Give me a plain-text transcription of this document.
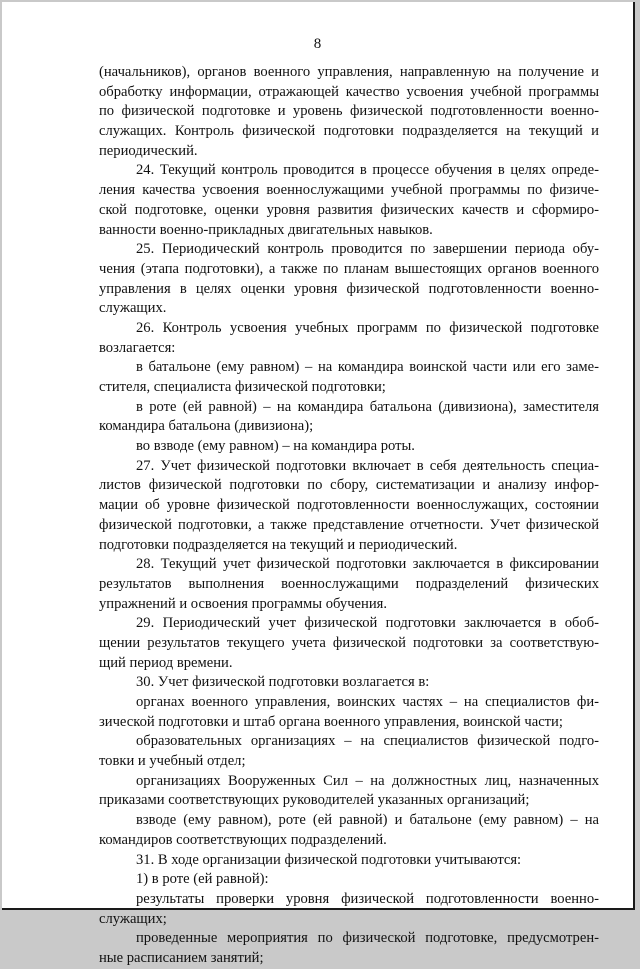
8
(начальников), органов военного управления, направленную на получение и
обработку информации, отражающей качество усвоения учебной программы
по физической подготовке и уровень физической подготовленности военно-
служащих. Контроль физической подготовки подразделяется на текущий и
периодический.
24. Текущий контроль проводится в процессе обучения в целях опреде-
ления качества усвоения военнослужащими учебной программы по физиче-
ской подготовке, оценки уровня развития физических качеств и сформиро-
ванности военно-прикладных двигательных навыков.
25. Периодический контроль проводится по завершении периода обу-
чения (этапа подготовки), а также по планам вышестоящих органов военного
управления в целях оценки уровня физической подготовленности военно-
служащих.
26. Контроль усвоения учебных программ по физической подготовке
возлагается:
в батальоне (ему равном) – на командира воинской части или его заме-
стителя, специалиста физической подготовки;
в роте (ей равной) – на командира батальона (дивизиона), заместителя
командира батальона (дивизиона);
во взводе (ему равном) – на командира роты.
27. Учет физической подготовки включает в себя деятельность специа-
листов физической подготовки по сбору, систематизации и анализу инфор-
мации об уровне физической подготовленности военнослужащих, состоянии
физической подготовки, а также представление отчетности. Учет физической
подготовки подразделяется на текущий и периодический.
28. Текущий учет физической подготовки заключается в фиксировании
результатов выполнения военнослужащими подразделений физических
упражнений и освоения программы обучения.
29. Периодический учет физической подготовки заключается в обоб-
щении результатов текущего учета физической подготовки за соответствую-
щий период времени.
30. Учет физической подготовки возлагается в:
органах военного управления, воинских частях – на специалистов фи-
зической подготовки и штаб органа военного управления, воинской части;
образовательных организациях – на специалистов физической подго-
товки и учебный отдел;
организациях Вооруженных Сил – на должностных лиц, назначенных
приказами соответствующих руководителей указанных организаций;
взводе (ему равном), роте (ей равной) и батальоне (ему равном) – на
командиров соответствующих подразделений.
31. В ходе организации физической подготовки учитываются:
1) в роте (ей равной):
результаты проверки уровня физической подготовленности военно-
служащих;
проведенные мероприятия по физической подготовке, предусмотрен-
ные расписанием занятий;
